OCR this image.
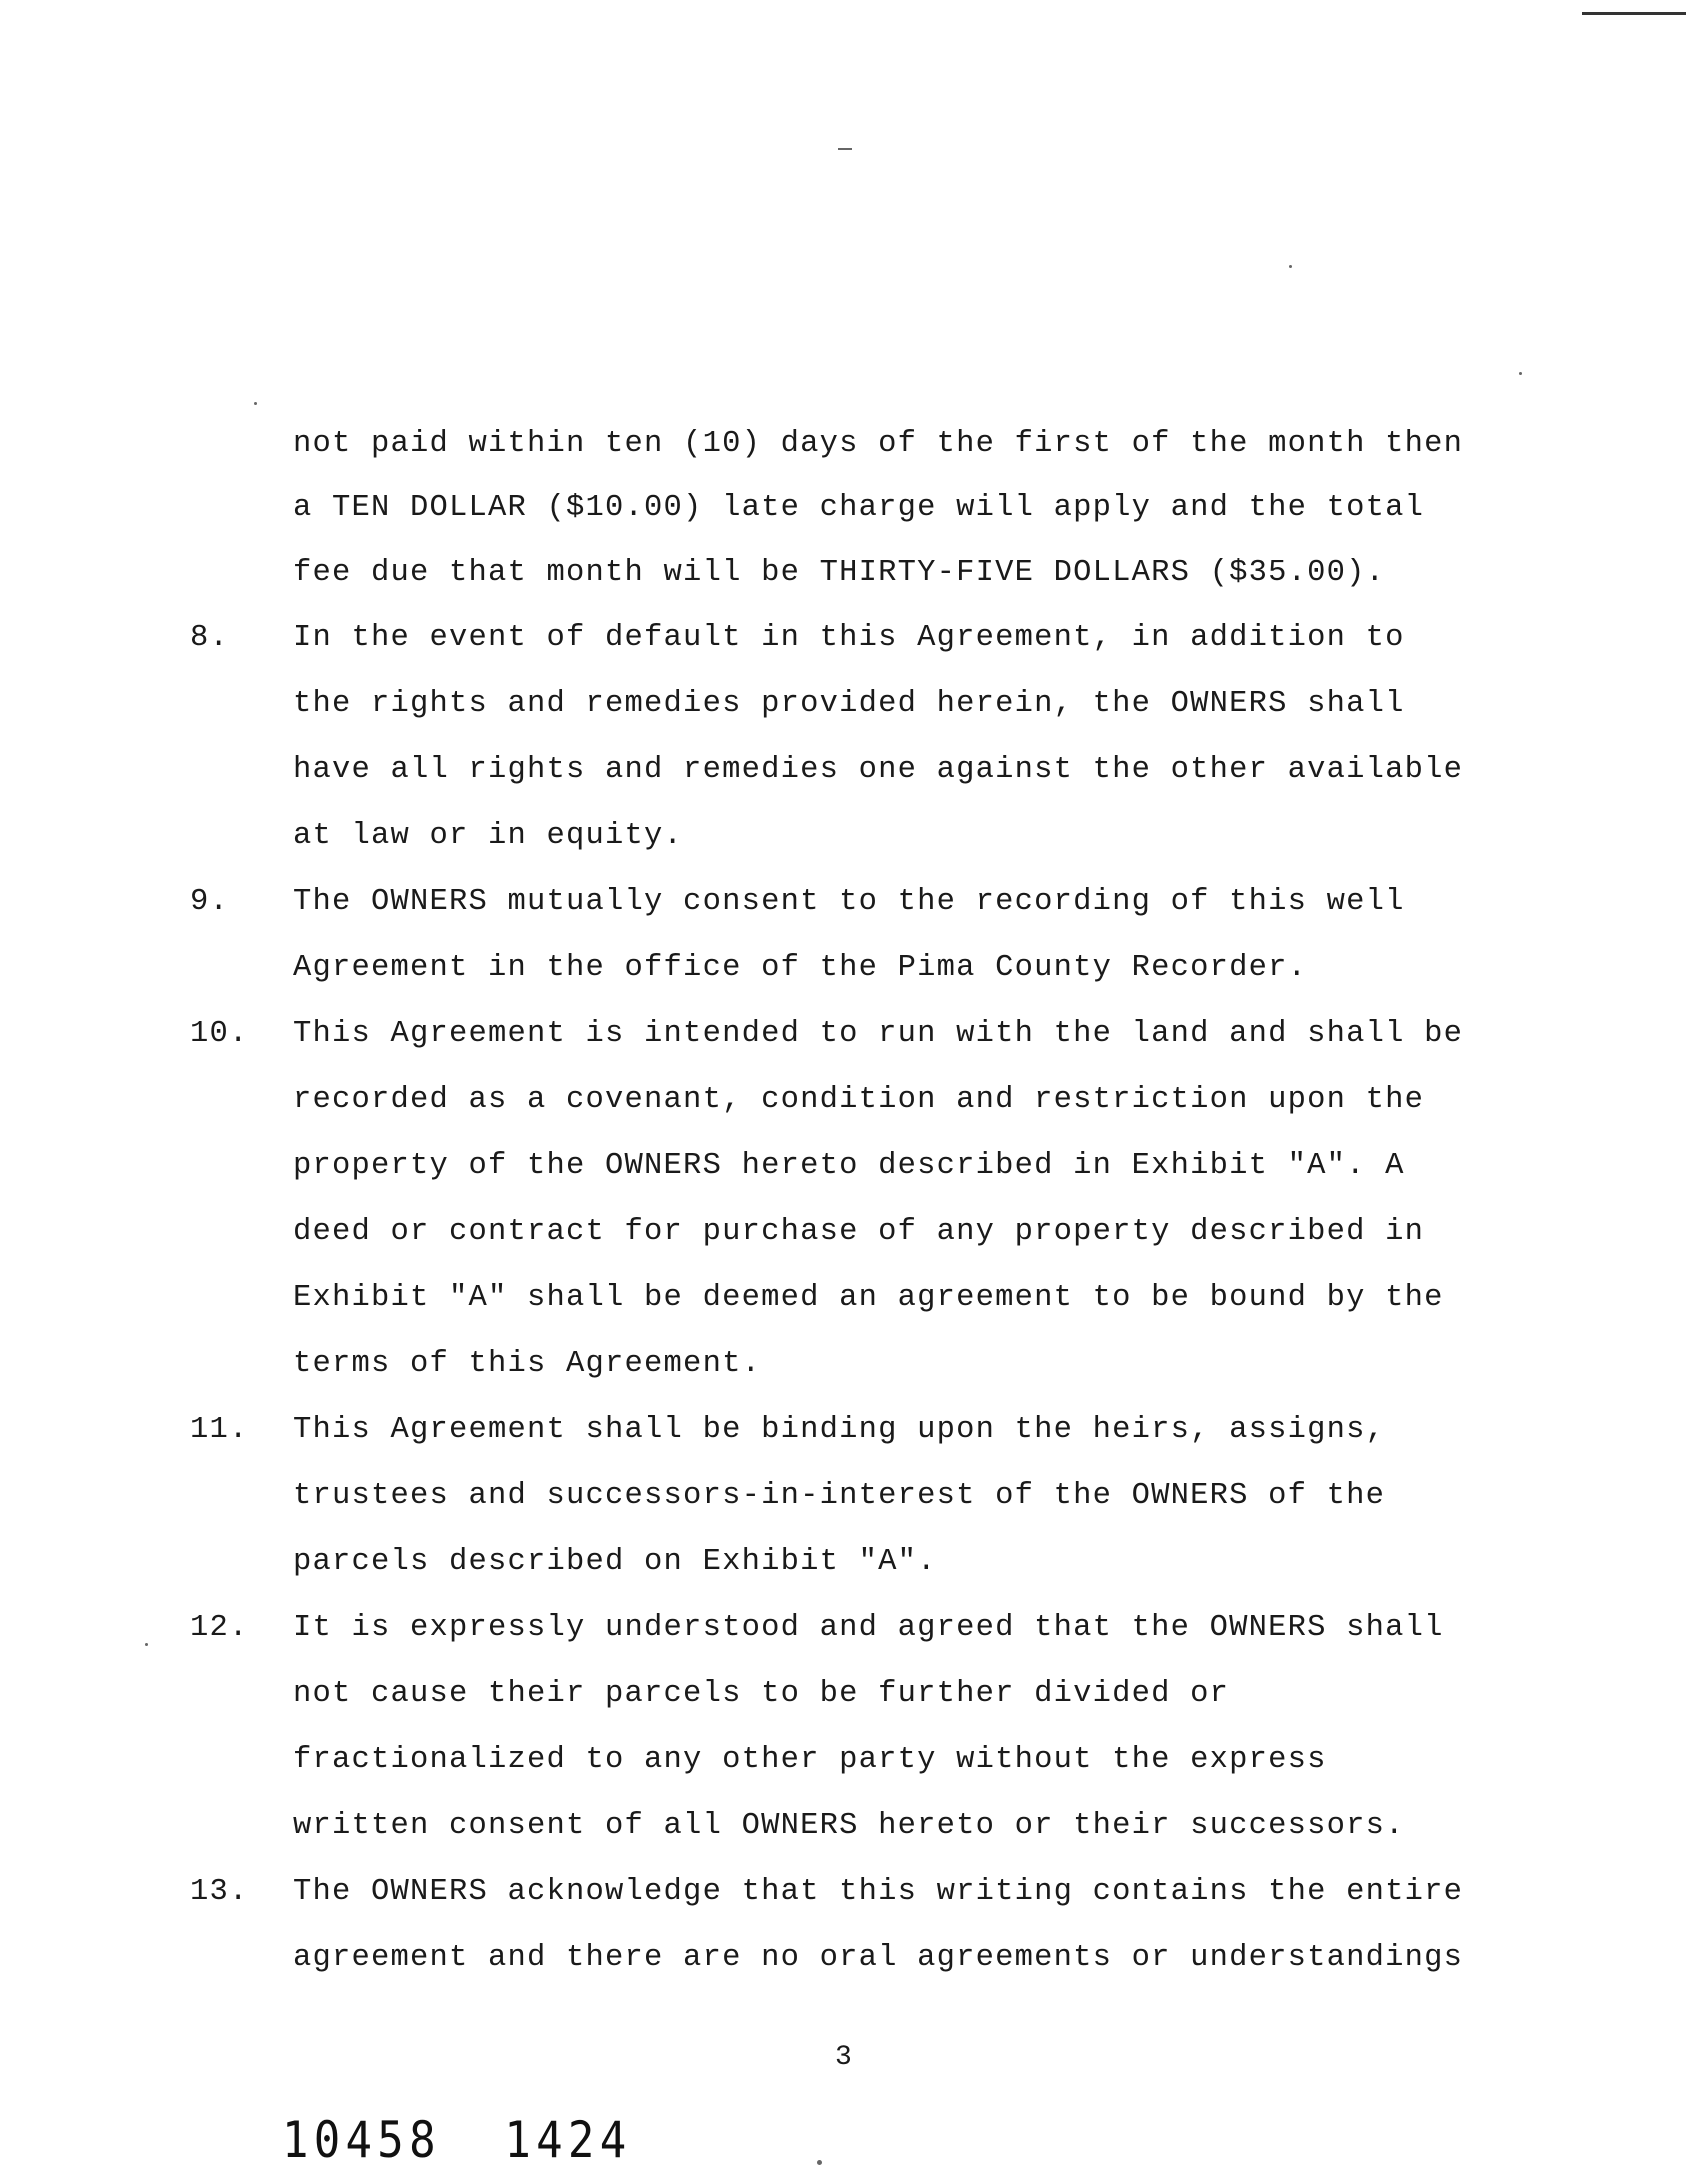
not paid within ten (10) days of the first of the month then
a TEN DOLLAR ($10.00) late charge will apply and the total
fee due that month will be THIRTY-FIVE DOLLARS ($35.00).
8. In the event of default in this Agreement, in addition to
the rights and remedies provided herein, the OWNERS shall
have all rights and remedies one against the other available
at law or in equity.
9. The OWNERS mutually consent to the recording of this well
Agreement in the office of the Pima County Recorder.
10. This Agreement is intended to run with the land and shall be
recorded as a covenant, condition and restriction upon the
property of the OWNERS hereto described in Exhibit "A". A
deed or contract for purchase of any property described in
Exhibit "A" shall be deemed an agreement to be bound by the
terms of this Agreement.
11. This Agreement shall be binding upon the heirs, assigns,
trustees and successors-in-interest of the OWNERS of the
parcels described on Exhibit "A".
12. It is expressly understood and agreed that the OWNERS shall
not cause their parcels to be further divided or
fractionalized to any other party without the express
written consent of all OWNERS hereto or their successors.
13. The OWNERS acknowledge that this writing contains the entire
agreement and there are no oral agreements or understandings
3
10458  1424
